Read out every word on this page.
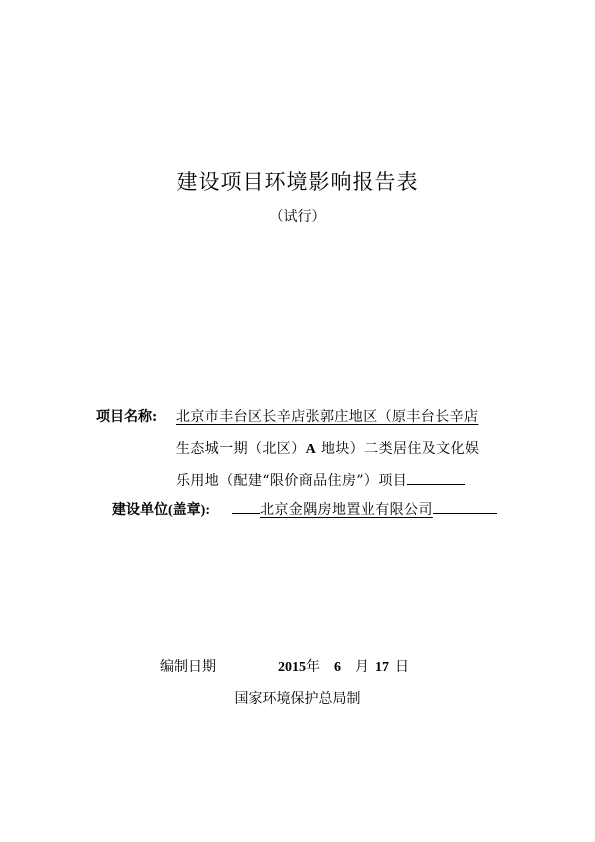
建设项目环境影响报告表
（试行）
项目名称: 北京市丰台区长辛店张郭庄地区（原丰台长辛店
生态城一期（北区）A 地块）二类居住及文化娱
乐用地（配建“限价商品住房”）项目
建设单位(盖章):	北京金隅房地置业有限公司
编制日期	2015年 6 月 17 日
国家环境保护总局制
